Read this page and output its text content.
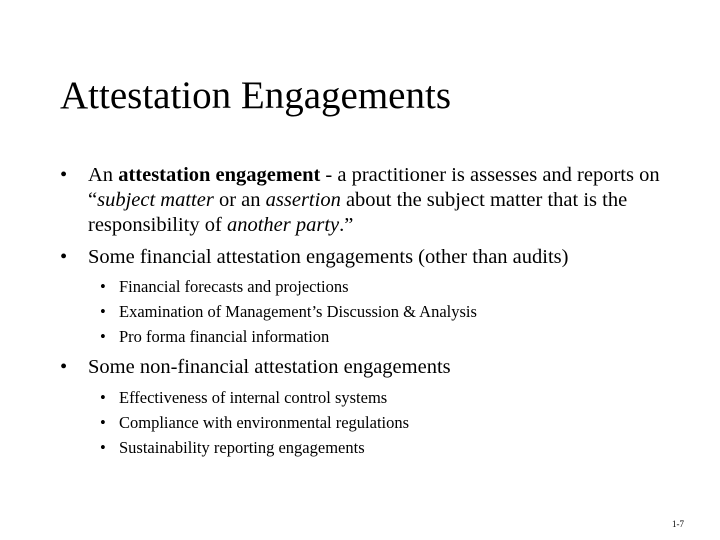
Attestation Engagements
•	An attestation engagement - a practitioner is assesses and reports on “subject matter or an assertion about the subject matter that is the responsibility of another party.”
•	Some financial attestation engagements (other than audits)
• Financial forecasts and projections
• Examination of Management’s Discussion & Analysis
• Pro forma financial information
•	Some non-financial attestation engagements
• Effectiveness of internal control systems
• Compliance with environmental regulations
• Sustainability reporting engagements
1-7
